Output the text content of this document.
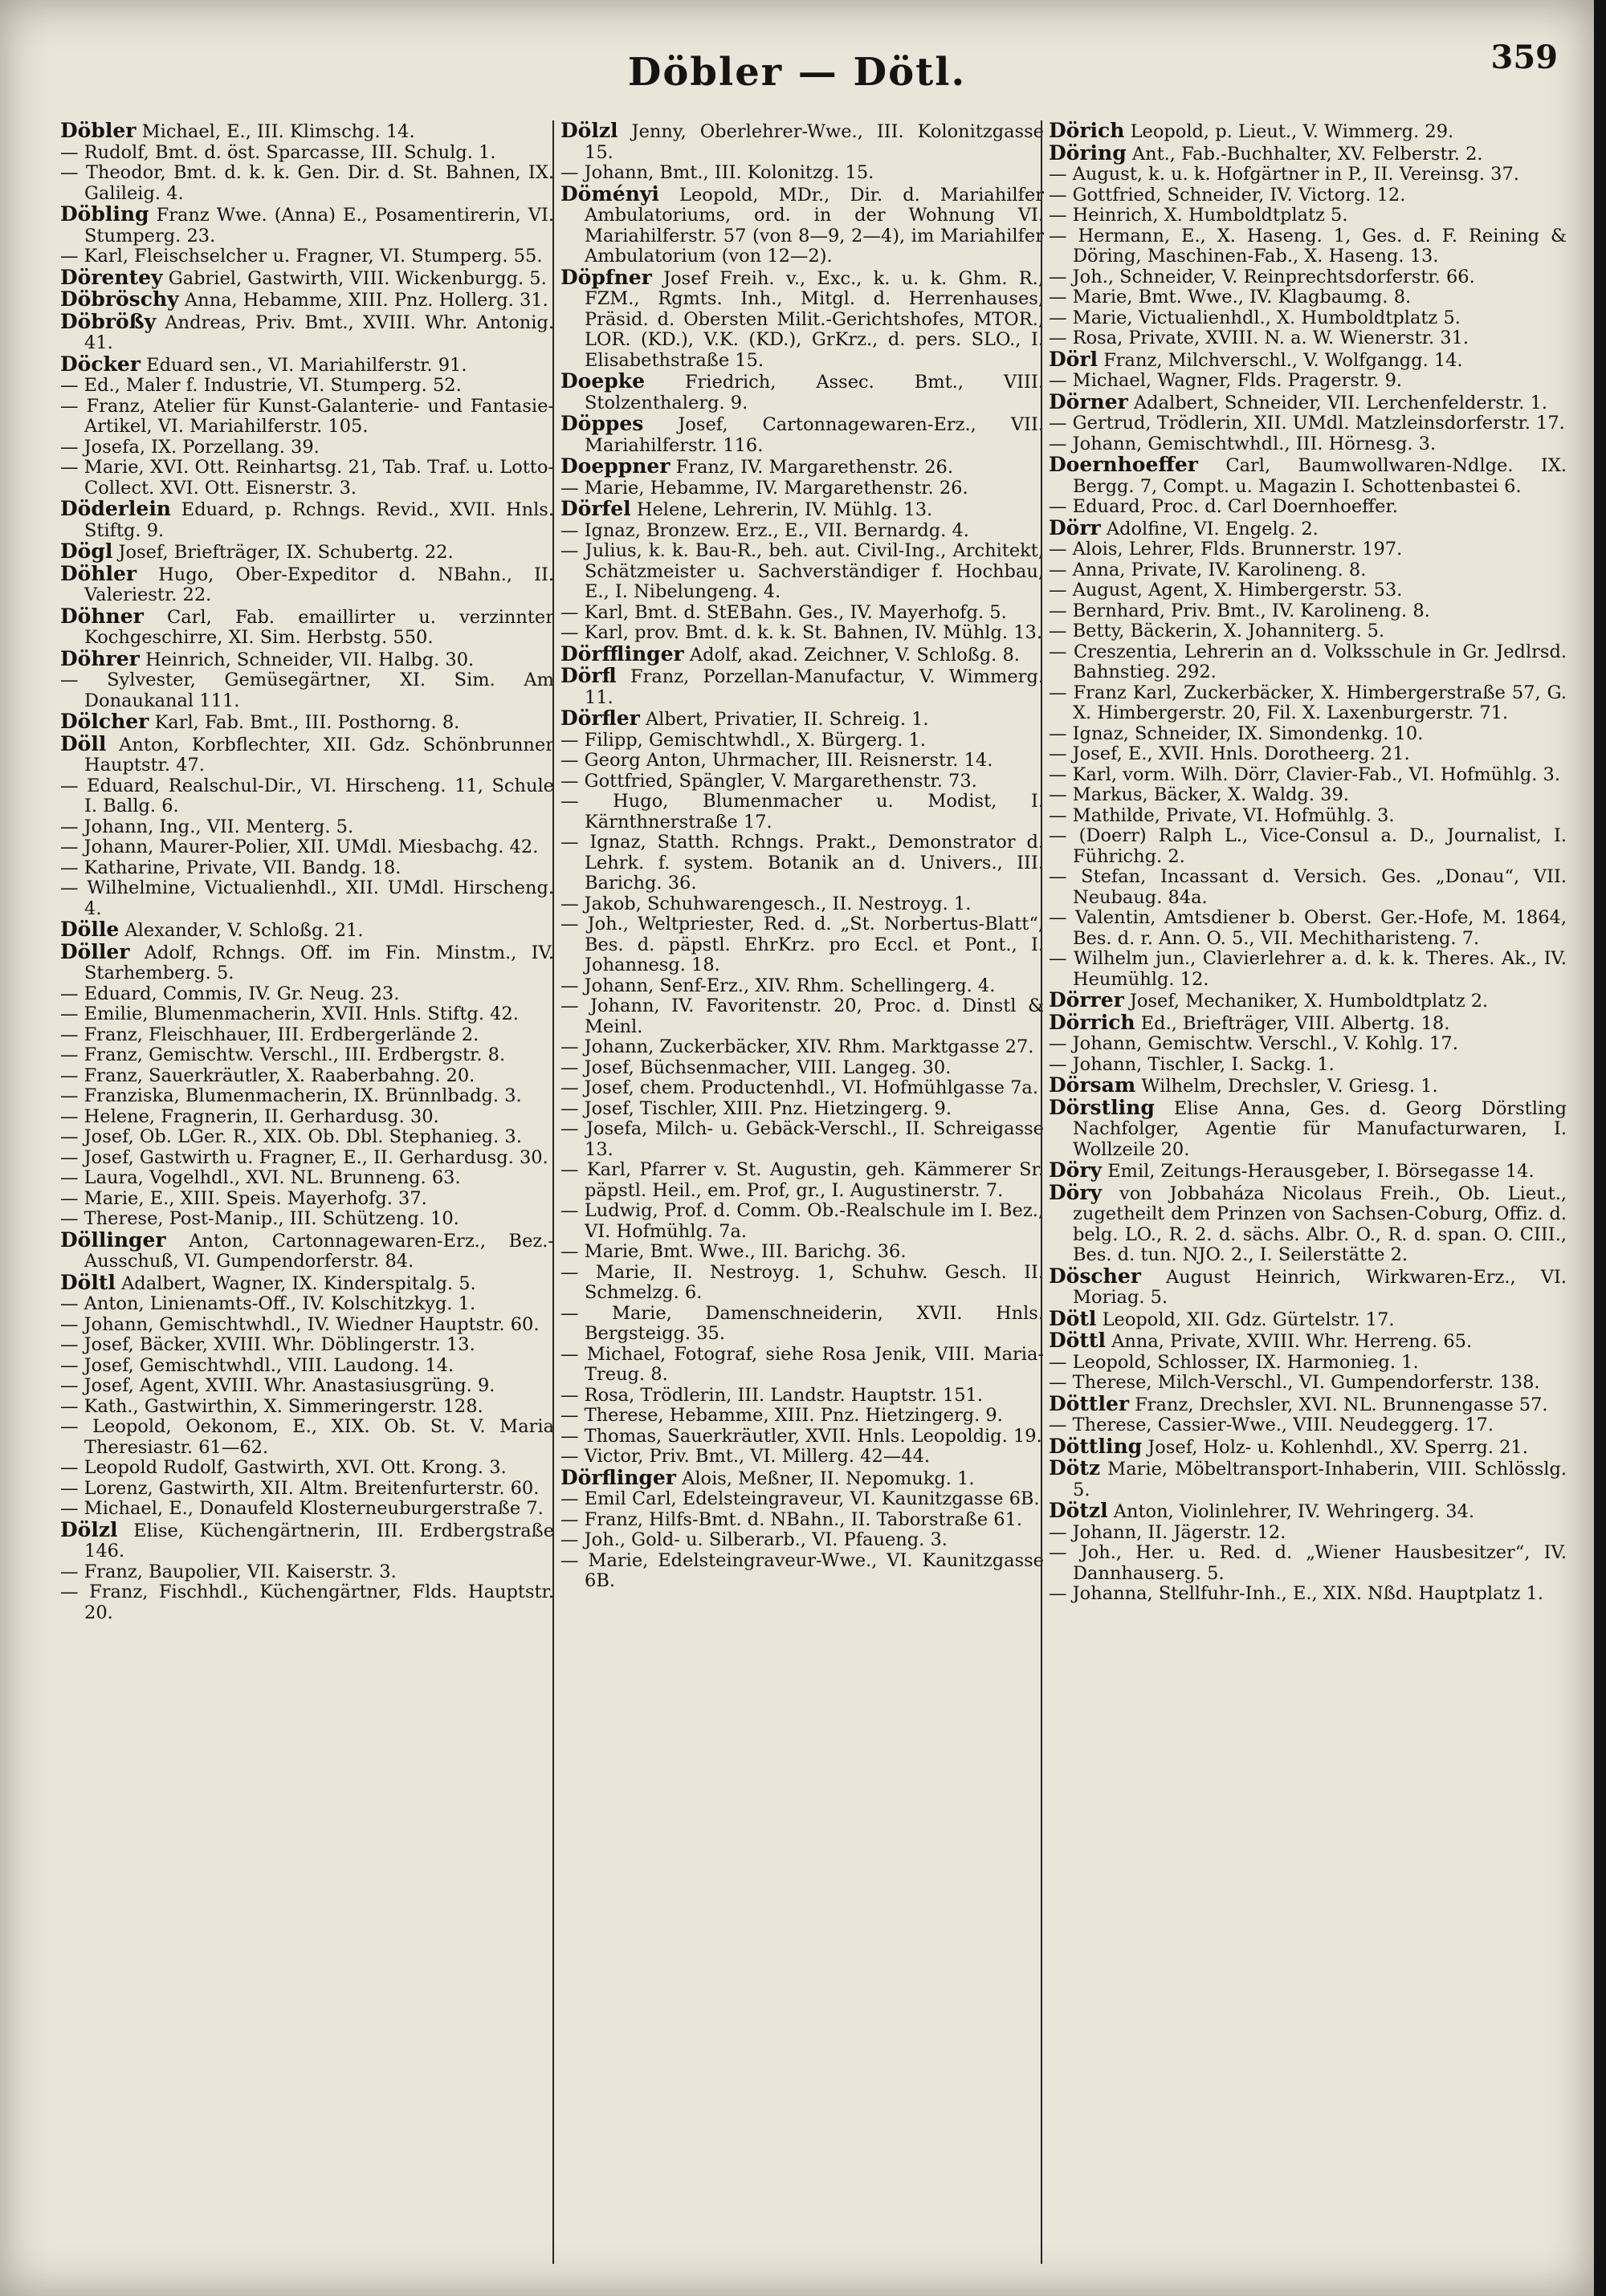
Döbler — Dötl.	359

Döbler Michael, E., III. Klimschg. 14.

— Rudolf, Bmt. d. öst. Sparcasse, III. Schulg. 1.

— Theodor, Bmt. d. k. k. Gen. Dir. d. St. Bahnen, IX. Galileig. 4.

Döbling Franz Wwe. (Anna) E., Posamentirerin, VI. Stumperg. 23.

— Karl, Fleischselcher u. Fragner, VI. Stumperg. 55.

Dörentey Gabriel, Gastwirth, VIII. Wickenburgg. 5.

Döbröschy Anna, Hebamme, XIII. Pnz. Hollerg. 31.

Döbrößy Andreas, Priv. Bmt., XVIII. Whr. Antonig. 41.

Döcker Eduard sen., VI. Mariahilferstr. 91.

— Ed., Maler f. Industrie, VI. Stumperg. 52.

— Franz, Atelier für Kunst-Galanterie- und Fantasie-Artikel, VI. Mariahilferstr. 105.

— Josefa, IX. Porzellang. 39.

— Marie, XVI. Ott. Reinhartsg. 21, Tab. Traf. u. Lotto-Collect. XVI. Ott. Eisnerstr. 3.

Döderlein Eduard, p. Rchngs. Revid., XVII. Hnls. Stiftg. 9.

Dögl Josef, Briefträger, IX. Schubertg. 22.

Döhler Hugo, Ober-Expeditor d. NBahn., II. Valeriestr. 22.

Döhner Carl, Fab. emaillirter u. verzinnter Kochgeschirre, XI. Sim. Herbstg. 550.

Döhrer Heinrich, Schneider, VII. Halbg. 30.

— Sylvester, Gemüsegärtner, XI. Sim. Am Donaukanal 111.

Dölcher Karl, Fab. Bmt., III. Posthorng. 8.

Döll Anton, Korbflechter, XII. Gdz. Schönbrunner Hauptstr. 47.

— Eduard, Realschul-Dir., VI. Hirscheng. 11, Schule I. Ballg. 6.

— Johann, Ing., VII. Menterg. 5.

— Johann, Maurer-Polier, XII. UMdl. Miesbachg. 42.

— Katharine, Private, VII. Bandg. 18.

— Wilhelmine, Victualienhdl., XII. UMdl. Hirscheng. 4.

Dölle Alexander, V. Schloßg. 21.

Döller Adolf, Rchngs. Off. im Fin. Minstm., IV. Starhemberg. 5.

— Eduard, Commis, IV. Gr. Neug. 23.

— Emilie, Blumenmacherin, XVII. Hnls. Stiftg. 42.

— Franz, Fleischhauer, III. Erdbergerlände 2.

— Franz, Gemischtw. Verschl., III. Erdbergstr. 8.

— Franz, Sauerkräutler, X. Raaberbahng. 20.

— Franziska, Blumenmacherin, IX. Brünnlbadg. 3.

— Helene, Fragnerin, II. Gerhardusg. 30.

— Josef, Ob. LGer. R., XIX. Ob. Dbl. Stephanieg. 3.

— Josef, Gastwirth u. Fragner, E., II. Gerhardusg. 30.

— Laura, Vogelhdl., XVI. NL. Brunneng. 63.

— Marie, E., XIII. Speis. Mayerhofg. 37.

— Therese, Post-Manip., III. Schützeng. 10.

Döllinger Anton, Cartonnagewaren-Erz., Bez.-Ausschuß, VI. Gumpendorferstr. 84.

Döltl Adalbert, Wagner, IX. Kinderspitalg. 5.

— Anton, Linienamts-Off., IV. Kolschitzkyg. 1.

— Johann, Gemischtwhdl., IV. Wiedner Hauptstr. 60.

— Josef, Bäcker, XVIII. Whr. Döblingerstr. 13.

— Josef, Gemischtwhdl., VIII. Laudong. 14.

— Josef, Agent, XVIII. Whr. Anastasiusgrüng. 9.

— Kath., Gastwirthin, X. Simmeringerstr. 128.

— Leopold, Oekonom, E., XIX. Ob. St. V. Maria Theresiastr. 61—62.

— Leopold Rudolf, Gastwirth, XVI. Ott. Krong. 3.

— Lorenz, Gastwirth, XII. Altm. Breitenfurterstr. 60.

— Michael, E., Donaufeld Klosterneuburgerstraße 7.

Dölzl Elise, Küchengärtnerin, III. Erdbergstraße 146.

— Franz, Baupolier, VII. Kaiserstr. 3.

— Franz, Fischhdl., Küchengärtner, Flds. Hauptstr. 20.

Dölzl Jenny, Oberlehrer-Wwe., III. Kolonitzgasse 15.

— Johann, Bmt., III. Kolonitzg. 15.

Döményi Leopold, MDr., Dir. d. Mariahilfer Ambulatoriums, ord. in der Wohnung VI. Mariahilferstr. 57 (von 8—9, 2—4), im Mariahilfer Ambulatorium (von 12—2).

Döpfner Josef Freih. v., Exc., k. u. k. Ghm. R., FZM., Rgmts. Inh., Mitgl. d. Herrenhauses, Präsid. d. Obersten Milit.-Gerichtshofes, MTOR., LOR. (KD.), V.K. (KD.), GrKrz., d. pers. SLO., I. Elisabethstraße 15.

Doepke Friedrich, Assec. Bmt., VIII. Stolzenthalerg. 9.

Döppes Josef, Cartonnagewaren-Erz., VII. Mariahilferstr. 116.

Doeppner Franz, IV. Margarethenstr. 26.

— Marie, Hebamme, IV. Margarethenstr. 26.

Dörfel Helene, Lehrerin, IV. Mühlg. 13.

— Ignaz, Bronzew. Erz., E., VII. Bernardg. 4.

— Julius, k. k. Bau-R., beh. aut. Civil-Ing., Architekt, Schätzmeister u. Sachverständiger f. Hochbau, E., I. Nibelungeng. 4.

— Karl, Bmt. d. StEBahn. Ges., IV. Mayerhofg. 5.

— Karl, prov. Bmt. d. k. k. St. Bahnen, IV. Mühlg. 13.

Dörfflinger Adolf, akad. Zeichner, V. Schloßg. 8.

Dörfl Franz, Porzellan-Manufactur, V. Wimmerg. 11.

Dörfler Albert, Privatier, II. Schreig. 1.

— Filipp, Gemischtwhdl., X. Bürgerg. 1.

— Georg Anton, Uhrmacher, III. Reisnerstr. 14.

— Gottfried, Spängler, V. Margarethenstr. 73.

— Hugo, Blumenmacher u. Modist, I. Kärnthnerstraße 17.

— Ignaz, Statth. Rchngs. Prakt., Demonstrator d. Lehrk. f. system. Botanik an d. Univers., III. Barichg. 36.

— Jakob, Schuhwarengesch., II. Nestroyg. 1.

— Joh., Weltpriester, Red. d. „St. Norbertus-Blatt“, Bes. d. päpstl. EhrKrz. pro Eccl. et Pont., I. Johannesg. 18.

— Johann, Senf-Erz., XIV. Rhm. Schellingerg. 4.

— Johann, IV. Favoritenstr. 20, Proc. d. Dinstl & Meinl.

— Johann, Zuckerbäcker, XIV. Rhm. Marktgasse 27.

— Josef, Büchsenmacher, VIII. Langeg. 30.

— Josef, chem. Productenhdl., VI. Hofmühlgasse 7a.

— Josef, Tischler, XIII. Pnz. Hietzingerg. 9.

— Josefa, Milch- u. Gebäck-Verschl., II. Schreigasse 13.

— Karl, Pfarrer v. St. Augustin, geh. Kämmerer Sr. päpstl. Heil., em. Prof, gr., I. Augustinerstr. 7.

— Ludwig, Prof. d. Comm. Ob.-Realschule im I. Bez., VI. Hofmühlg. 7a.

— Marie, Bmt. Wwe., III. Barichg. 36.

— Marie, II. Nestroyg. 1, Schuhw. Gesch. II. Schmelzg. 6.

— Marie, Damenschneiderin, XVII. Hnls. Bergsteigg. 35.

— Michael, Fotograf, siehe Rosa Jenik, VIII. Maria-Treug. 8.

— Rosa, Trödlerin, III. Landstr. Hauptstr. 151.

— Therese, Hebamme, XIII. Pnz. Hietzingerg. 9.

— Thomas, Sauerkräutler, XVII. Hnls. Leopoldig. 19.

— Victor, Priv. Bmt., VI. Millerg. 42—44.

Dörflinger Alois, Meßner, II. Nepomukg. 1.

— Emil Carl, Edelsteingraveur, VI. Kaunitzgasse 6B.

— Franz, Hilfs-Bmt. d. NBahn., II. Taborstraße 61.

— Joh., Gold- u. Silberarb., VI. Pfaueng. 3.

— Marie, Edelsteingraveur-Wwe., VI. Kaunitzgasse 6B.

Dörich Leopold, p. Lieut., V. Wimmerg. 29.

Döring Ant., Fab.-Buchhalter, XV. Felberstr. 2.

— August, k. u. k. Hofgärtner in P., II. Vereinsg. 37.

— Gottfried, Schneider, IV. Victorg. 12.

— Heinrich, X. Humboldtplatz 5.

— Hermann, E., X. Haseng. 1, Ges. d. F. Reining & Döring, Maschinen-Fab., X. Haseng. 13.

— Joh., Schneider, V. Reinprechtsdorferstr. 66.

— Marie, Bmt. Wwe., IV. Klagbaumg. 8.

— Marie, Victualienhdl., X. Humboldtplatz 5.

— Rosa, Private, XVIII. N. a. W. Wienerstr. 31.

Dörl Franz, Milchverschl., V. Wolfgangg. 14.

— Michael, Wagner, Flds. Pragerstr. 9.

Dörner Adalbert, Schneider, VII. Lerchenfelderstr. 1.

— Gertrud, Trödlerin, XII. UMdl. Matzleinsdorferstr. 17.

— Johann, Gemischtwhdl., III. Hörnesg. 3.

Doernhoeffer Carl, Baumwollwaren-Ndlge. IX. Bergg. 7, Compt. u. Magazin I. Schottenbastei 6.

— Eduard, Proc. d. Carl Doernhoeffer.

Dörr Adolfine, VI. Engelg. 2.

— Alois, Lehrer, Flds. Brunnerstr. 197.

— Anna, Private, IV. Karolineng. 8.

— August, Agent, X. Himbergerstr. 53.

— Bernhard, Priv. Bmt., IV. Karolineng. 8.

— Betty, Bäckerin, X. Johanniterg. 5.

— Creszentia, Lehrerin an d. Volksschule in Gr. Jedlrsd. Bahnstieg. 292.

— Franz Karl, Zuckerbäcker, X. Himbergerstraße 57, G. X. Himbergerstr. 20, Fil. X. Laxenburgerstr. 71.

— Ignaz, Schneider, IX. Simondenkg. 10.

— Josef, E., XVII. Hnls. Dorotheerg. 21.

— Karl, vorm. Wilh. Dörr, Clavier-Fab., VI. Hofmühlg. 3.

— Markus, Bäcker, X. Waldg. 39.

— Mathilde, Private, VI. Hofmühlg. 3.

— (Doerr) Ralph L., Vice-Consul a. D., Journalist, I. Führichg. 2.

— Stefan, Incassant d. Versich. Ges. „Donau“, VII. Neubaug. 84a.

— Valentin, Amtsdiener b. Oberst. Ger.-Hofe, M. 1864, Bes. d. r. Ann. O. 5., VII. Mechitharisteng. 7.

— Wilhelm jun., Clavierlehrer a. d. k. k. Theres. Ak., IV. Heumühlg. 12.

Dörrer Josef, Mechaniker, X. Humboldtplatz 2.

Dörrich Ed., Briefträger, VIII. Albertg. 18.

— Johann, Gemischtw. Verschl., V. Kohlg. 17.

— Johann, Tischler, I. Sackg. 1.

Dörsam Wilhelm, Drechsler, V. Griesg. 1.

Dörstling Elise Anna, Ges. d. Georg Dörstling Nachfolger, Agentie für Manufacturwaren, I. Wollzeile 20.

Döry Emil, Zeitungs-Herausgeber, I. Börsegasse 14.

Döry von Jobbaháza Nicolaus Freih., Ob. Lieut., zugetheilt dem Prinzen von Sachsen-Coburg, Offiz. d. belg. LO., R. 2. d. sächs. Albr. O., R. d. span. O. CIII., Bes. d. tun. NJO. 2., I. Seilerstätte 2.

Döscher August Heinrich, Wirkwaren-Erz., VI. Moriag. 5.

Dötl Leopold, XII. Gdz. Gürtelstr. 17.

Döttl Anna, Private, XVIII. Whr. Herreng. 65.

— Leopold, Schlosser, IX. Harmonieg. 1.

— Therese, Milch-Verschl., VI. Gumpendorferstr. 138.

Döttler Franz, Drechsler, XVI. NL. Brunnengasse 57.

— Therese, Cassier-Wwe., VIII. Neudeggerg. 17.

Döttling Josef, Holz- u. Kohlenhdl., XV. Sperrg. 21.

Dötz Marie, Möbeltransport-Inhaberin, VIII. Schlösslg. 5.

Dötzl Anton, Violinlehrer, IV. Wehringerg. 34.

— Johann, II. Jägerstr. 12.

— Joh., Her. u. Red. d. „Wiener Hausbesitzer“, IV. Dannhauserg. 5.

— Johanna, Stellfuhr-Inh., E., XIX. Nßd. Hauptplatz 1.
